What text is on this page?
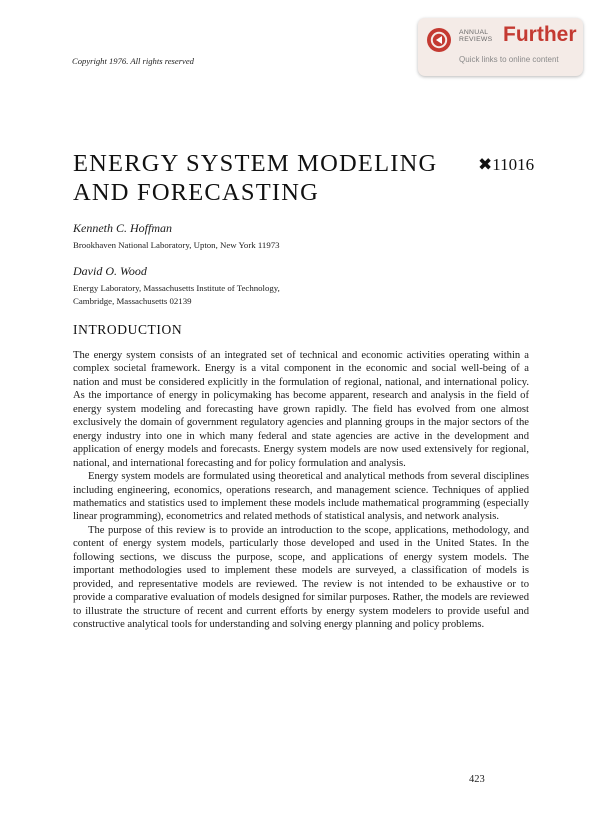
Copyright 1976. All rights reserved
ANNUAL
REVIEWS Further
Quick links to online content
ENERGY SYSTEM MODELING
AND FORECASTING
✖11016
Kenneth C. Hoffman
Brookhaven National Laboratory, Upton, New York 11973
David O. Wood
Energy Laboratory, Massachusetts Institute of Technology,
Cambridge, Massachusetts 02139
INTRODUCTION

The energy system consists of an integrated set of technical and economic activities operating within a complex societal framework. Energy is a vital component in the economic and social well-being of a nation and must be considered explicitly in the formulation of regional, national, and international policy. As the importance of energy in policymaking has become apparent, research and analysis in the field of energy system modeling and forecasting have grown rapidly. The field has evolved from one almost exclusively the domain of government regulatory agencies and planning groups in the major sectors of the energy industry into one in which many federal and state agencies are active in the development and application of energy models and forecasts. Energy system models are now used extensively for regional, national, and international forecasting and for policy formulation and analysis.

Energy system models are formulated using theoretical and analytical methods from several disciplines including engineering, economics, operations research, and management science. Techniques of applied mathematics and statistics used to implement these models include mathematical programming (especially linear programming), econometrics and related methods of statistical analysis, and network analysis.

The purpose of this review is to provide an introduction to the scope, applications, methodology, and content of energy system models, particularly those developed and used in the United States. In the following sections, we discuss the purpose, scope, and applications of energy system models. The important methodologies used to implement these models are surveyed, a classification of models is provided, and representative models are reviewed. The review is not intended to be exhaustive or to provide a comparative evaluation of models designed for similar purposes. Rather, the models are reviewed to illustrate the structure of recent and current efforts by energy system modelers to provide useful and constructive analytical tools for understanding and solving energy planning and policy problems.

423
